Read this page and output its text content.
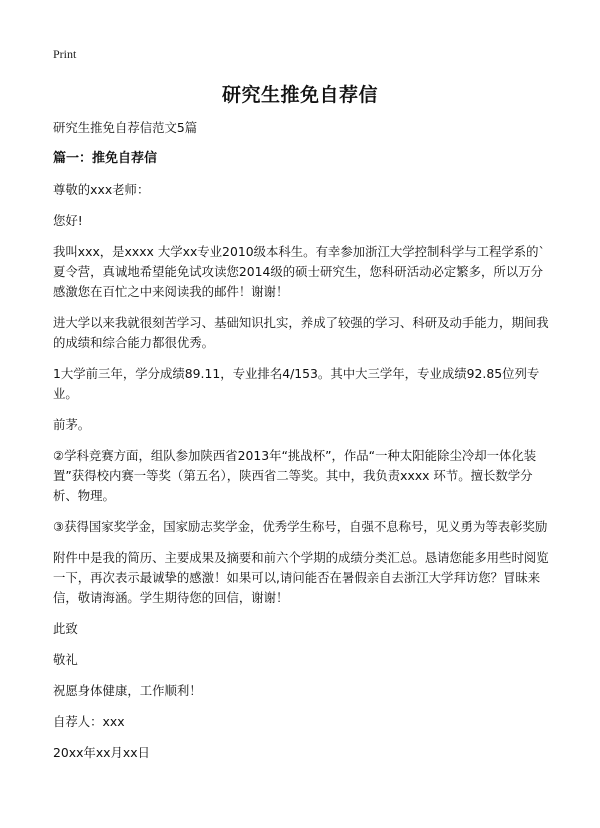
Print
研究生推免自荐信

研究生推免自荐信范文5篇

篇一：推免自荐信

尊敬的xxx老师：

您好!

我叫xxx，是xxxx 大学xx专业2010级本科生。有幸参加浙江大学控制科学与工程学系的`夏令营，真诚地希望能免试攻读您2014级的硕士研究生，您科研活动必定繁多，所以万分感激您在百忙之中来阅读我的邮件！谢谢！

进大学以来我就很刻苦学习、基础知识扎实，养成了较强的学习、科研及动手能力，期间我的成绩和综合能力都很优秀。

1大学前三年，学分成绩89.11，专业排名4/153。其中大三学年，专业成绩92.85位列专业。

前茅。

②学科竞赛方面，组队参加陕西省2013年“挑战杯”，作品“一种太阳能除尘冷却一体化装置”获得校内赛一等奖（第五名），陕西省二等奖。其中，我负责xxxx 环节。擅长数学分析、物理。

③获得国家奖学金，国家励志奖学金，优秀学生称号，自强不息称号，见义勇为等表彰奖励

附件中是我的简历、主要成果及摘要和前六个学期的成绩分类汇总。恳请您能多用些时阅览一下，再次表示最诚挚的感激！如果可以,请问能否在暑假亲自去浙江大学拜访您？冒昧来信，敬请海涵。学生期待您的回信，谢谢！

此致

敬礼

祝愿身体健康，工作顺利！

自荐人：xxx

20xx年xx月xx日
